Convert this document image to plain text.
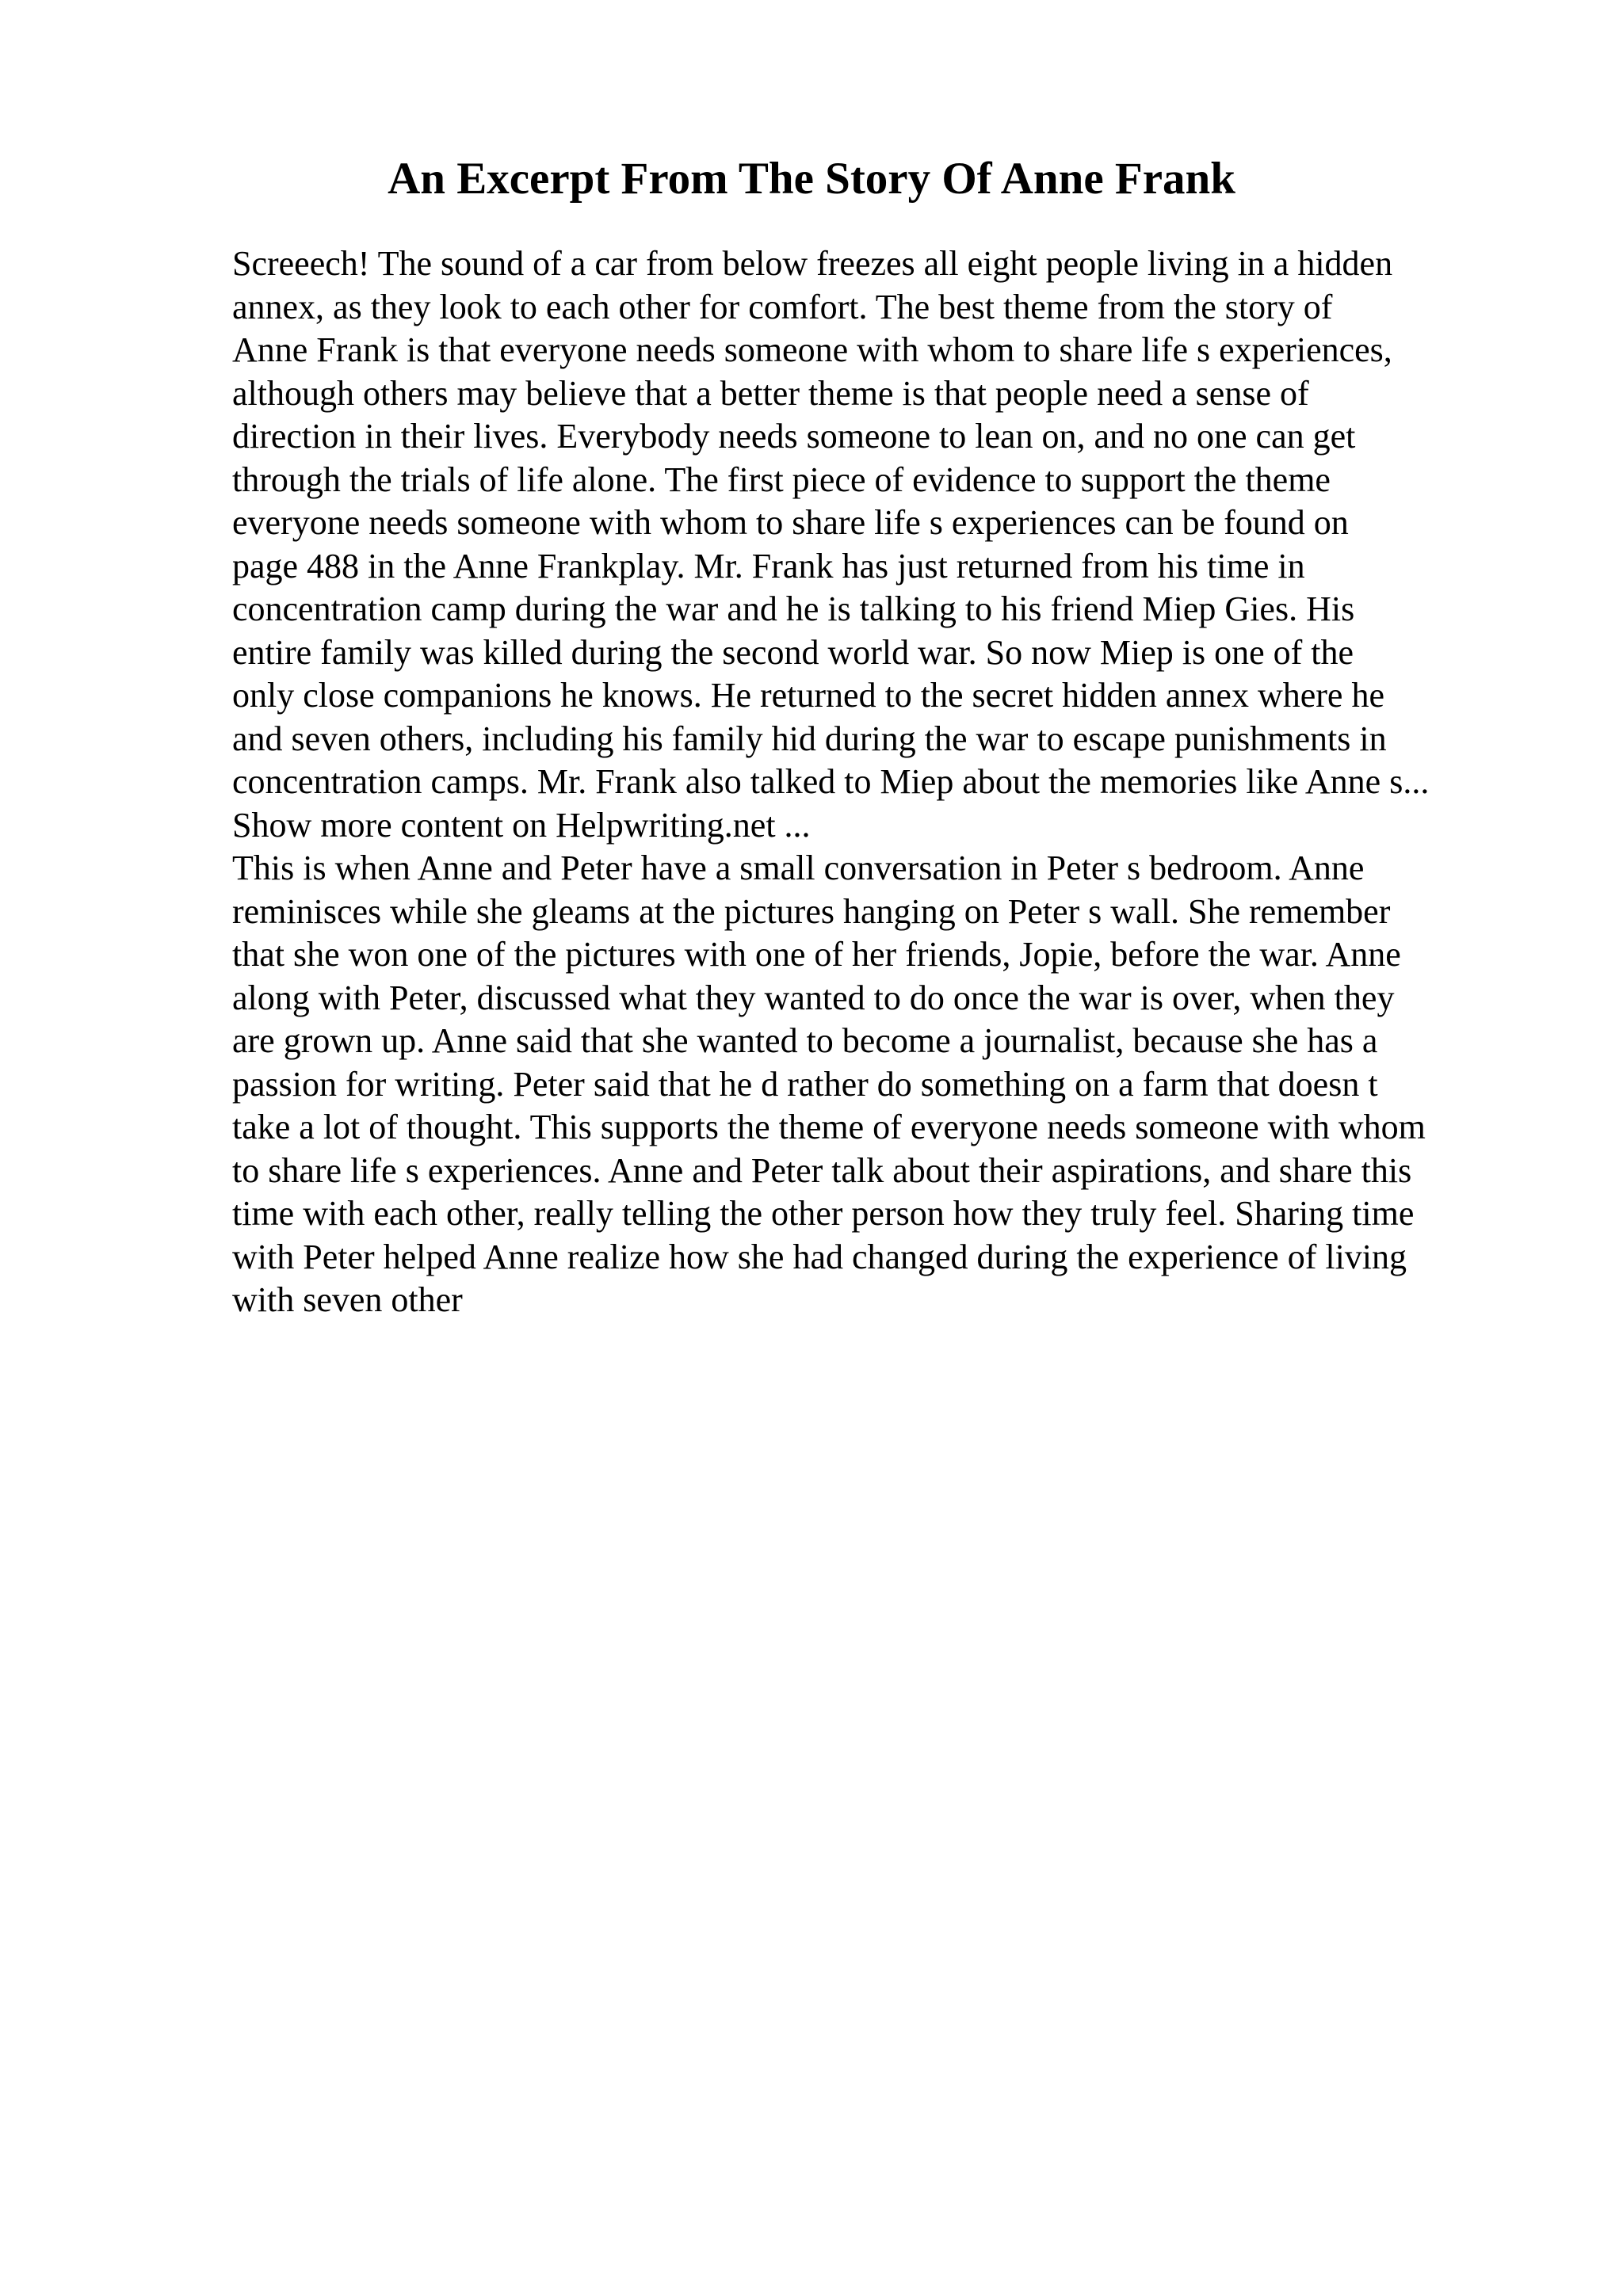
An Excerpt From The Story Of Anne Frank
Screeech! The sound of a car from below freezes all eight people living in a hidden
annex, as they look to each other for comfort. The best theme from the story of
Anne Frank is that everyone needs someone with whom to share life s experiences,
although others may believe that a better theme is that people need a sense of
direction in their lives. Everybody needs someone to lean on, and no one can get
through the trials of life alone. The first piece of evidence to support the theme
everyone needs someone with whom to share life s experiences can be found on
page 488 in the Anne Frankplay. Mr. Frank has just returned from his time in
concentration camp during the war and he is talking to his friend Miep Gies. His
entire family was killed during the second world war. So now Miep is one of the
only close companions he knows. He returned to the secret hidden annex where he
and seven others, including his family hid during the war to escape punishments in
concentration camps. Mr. Frank also talked to Miep about the memories like Anne s...
Show more content on Helpwriting.net ...
This is when Anne and Peter have a small conversation in Peter s bedroom. Anne
reminisces while she gleams at the pictures hanging on Peter s wall. She remember
that she won one of the pictures with one of her friends, Jopie, before the war. Anne
along with Peter, discussed what they wanted to do once the war is over, when they
are grown up. Anne said that she wanted to become a journalist, because she has a
passion for writing. Peter said that he d rather do something on a farm that doesn t
take a lot of thought. This supports the theme of everyone needs someone with whom
to share life s experiences. Anne and Peter talk about their aspirations, and share this
time with each other, really telling the other person how they truly feel. Sharing time
with Peter helped Anne realize how she had changed during the experience of living
with seven other
